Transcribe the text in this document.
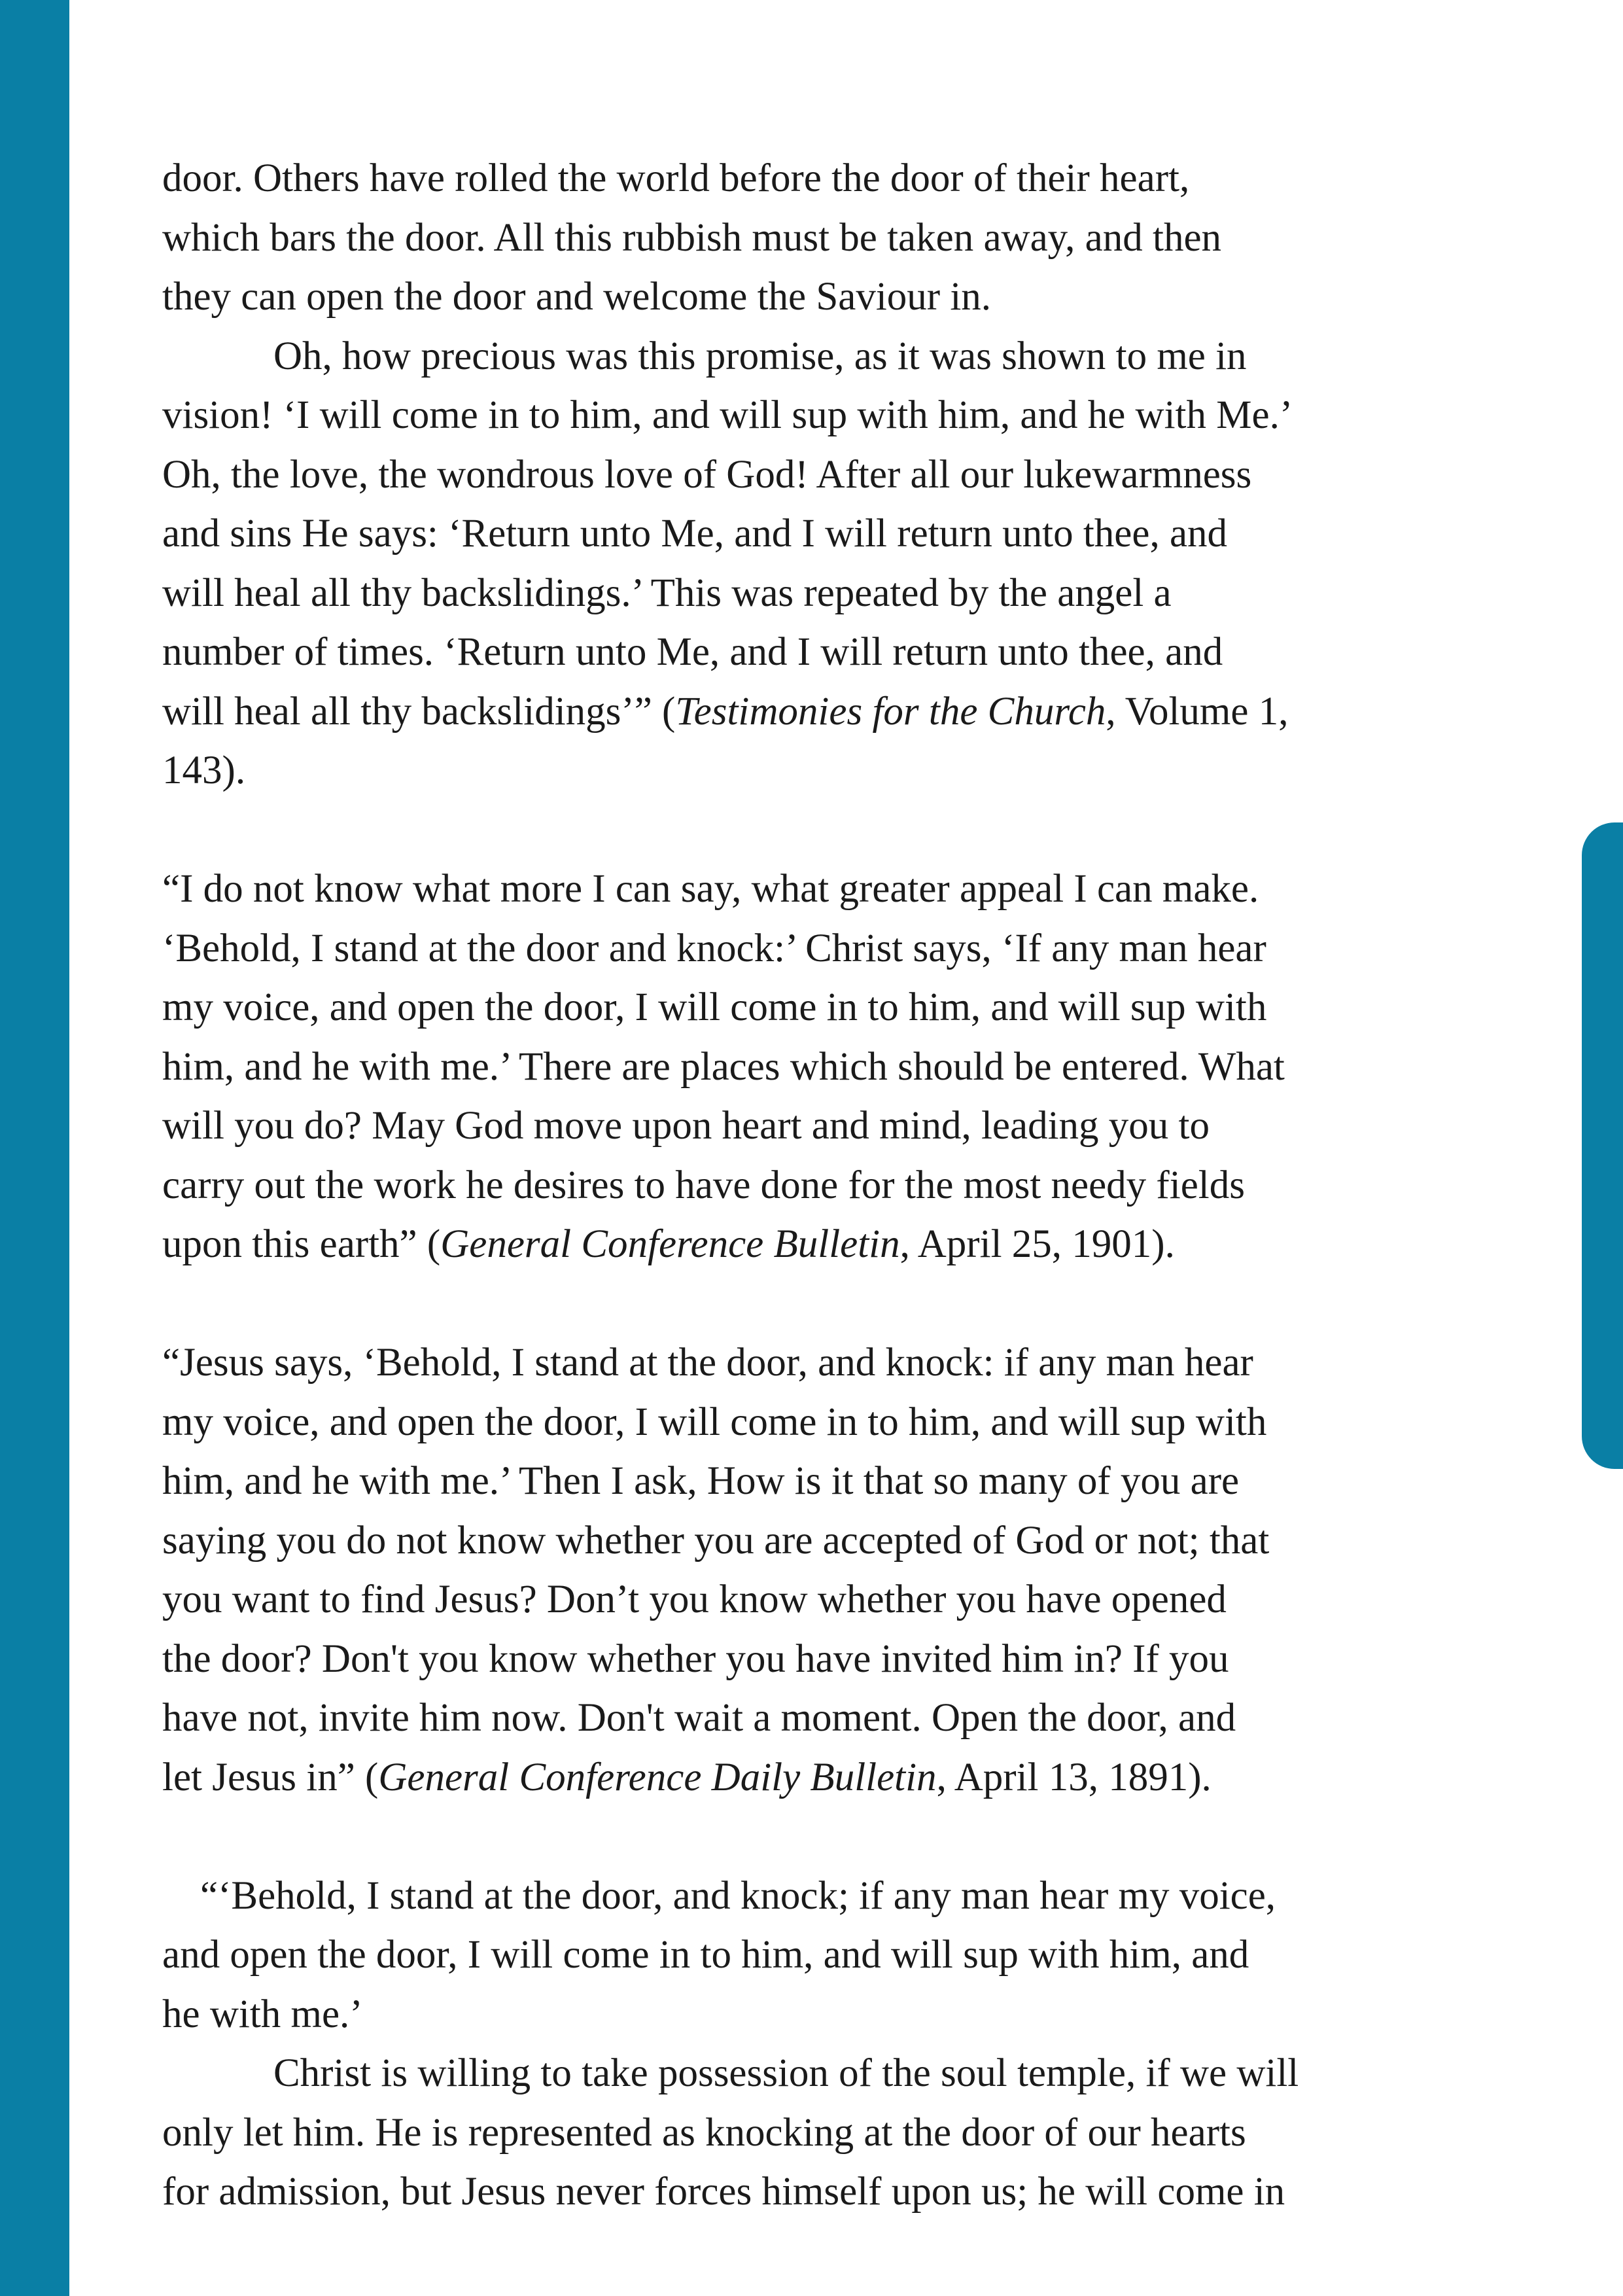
door. Others have rolled the world before the door of their heart,
which bars the door. All this rubbish must be taken away, and then
they can open the door and welcome the Saviour in.
Oh, how precious was this promise, as it was shown to me in
vision! ‘I will come in to him, and will sup with him, and he with Me.’
Oh, the love, the wondrous love of God! After all our lukewarmness
and sins He says: ‘Return unto Me, and I will return unto thee, and
will heal all thy backslidings.’ This was repeated by the angel a
number of times. ‘Return unto Me, and I will return unto thee, and
will heal all thy backslidings’” (Testimonies for the Church, Volume 1,
143).
“I do not know what more I can say, what greater appeal I can make.
‘Behold, I stand at the door and knock:’ Christ says, ‘If any man hear
my voice, and open the door, I will come in to him, and will sup with
him, and he with me.’ There are places which should be entered. What
will you do? May God move upon heart and mind, leading you to
carry out the work he desires to have done for the most needy fields
upon this earth” (General Conference Bulletin, April 25, 1901).
“Jesus says, ‘Behold, I stand at the door, and knock: if any man hear
my voice, and open the door, I will come in to him, and will sup with
him, and he with me.’ Then I ask, How is it that so many of you are
saying you do not know whether you are accepted of God or not; that
you want to find Jesus? Don’t you know whether you have opened
the door? Don't you know whether you have invited him in? If you
have not, invite him now. Don't wait a moment. Open the door, and
let Jesus in” (General Conference Daily Bulletin, April 13, 1891).
“‘Behold, I stand at the door, and knock; if any man hear my voice,
and open the door, I will come in to him, and will sup with him, and
he with me.’
Christ is willing to take possession of the soul temple, if we will
only let him. He is represented as knocking at the door of our hearts
for admission, but Jesus never forces himself upon us; he will come in
